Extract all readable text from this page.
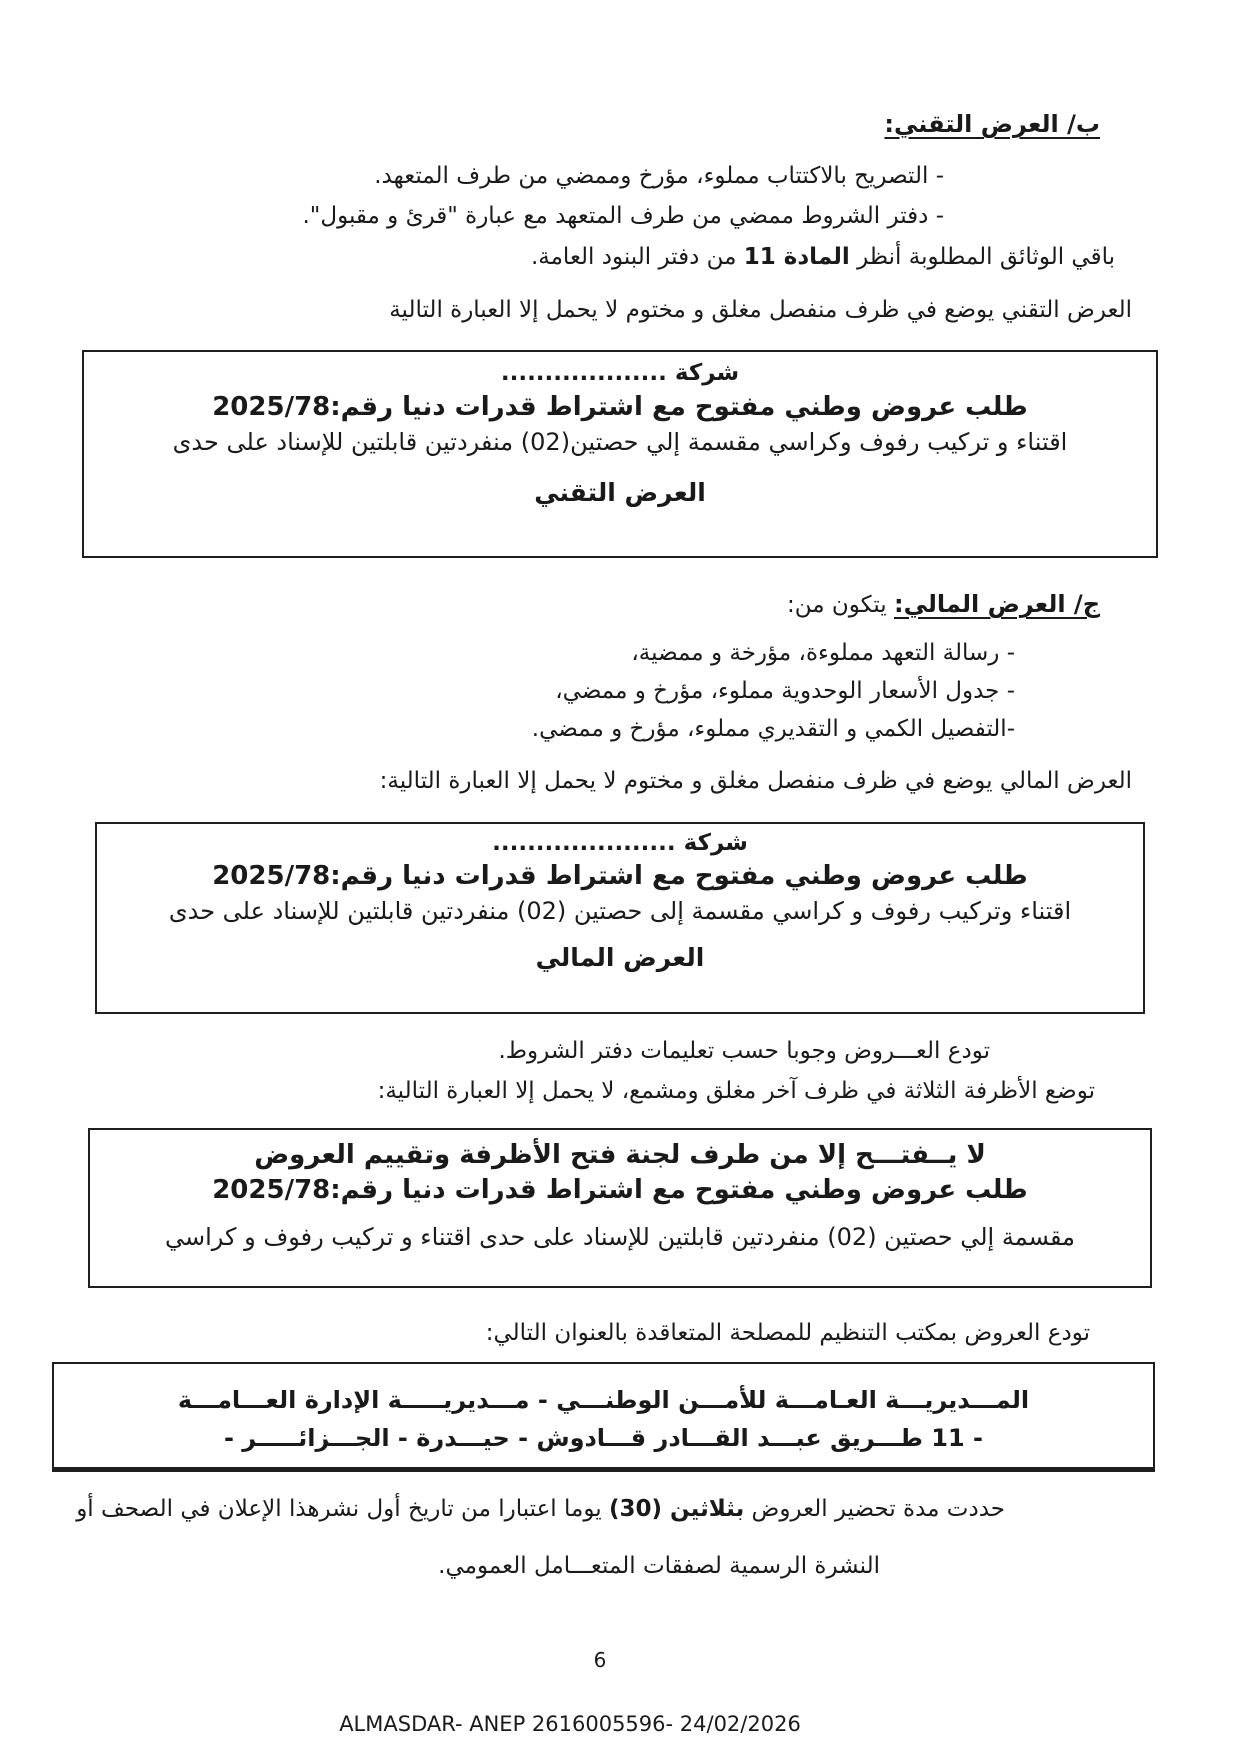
ب/ العرض التقني:
- التصريح بالاكتتاب مملوء، مؤرخ وممضي من طرف المتعهد.
- دفتر الشروط ممضي من طرف المتعهد مع عبارة "قرئ و مقبول".
باقي الوثائق المطلوبة أنظر المادة 11 من دفتر البنود العامة.
العرض التقني يوضع في ظرف منفصل مغلق و مختوم لا يحمل إلا العبارة التالية
شركة ...................
طلب عروض وطني مفتوح مع اشتراط قدرات دنيا رقم:2025/78
اقتناء و تركيب رفوف وكراسي مقسمة إلي حصتين(02) منفردتين قابلتين للإسناد على حدى
العرض التقني
ج/ العرض المالي: يتكون من:
- رسالة التعهد مملوءة، مؤرخة و ممضية،
- جدول الأسعار الوحدوية مملوء، مؤرخ و ممضي،
-التفصيل الكمي و التقديري مملوء، مؤرخ و ممضي.
العرض المالي يوضع في ظرف منفصل مغلق و مختوم لا يحمل إلا العبارة التالية:
شركة .....................
طلب عروض وطني مفتوح مع اشتراط قدرات دنيا رقم:2025/78
اقتناء وتركيب رفوف و كراسي مقسمة إلى حصتين (02) منفردتين قابلتين للإسناد على حدى
العرض المالي
تودع العـــروض وجوبا حسب تعليمات دفتر الشروط.
توضع الأظرفة الثلاثة في ظرف آخر مغلق ومشمع، لا يحمل إلا العبارة التالية:
لا يــفتـــح إلا من طرف لجنة فتح الأظرفة وتقييم العروض
طلب عروض وطني مفتوح مع اشتراط قدرات دنيا رقم:2025/78
مقسمة إلي حصتين (02) منفردتين قابلتين للإسناد على حدى اقتناء و تركيب رفوف و كراسي
تودع العروض بمكتب التنظيم للمصلحة المتعاقدة بالعنوان التالي:
المـــديريـــة العـامـــة للأمـــن الوطنـــي - مـــديريـــــة الإدارة العـــامـــة
- 11 طـــريق عبـــد القـــادر قـــادوش - حيـــدرة - الجـــزائـــــر -
حددت مدة تحضير العروض بثلاثين (30) يوما اعتبارا من تاريخ أول نشرهذا الإعلان في الصحف أو
النشرة الرسمية لصفقات المتعـــامل العمومي.
6
ALMASDAR- ANEP 2616005596- 24/02/2026
